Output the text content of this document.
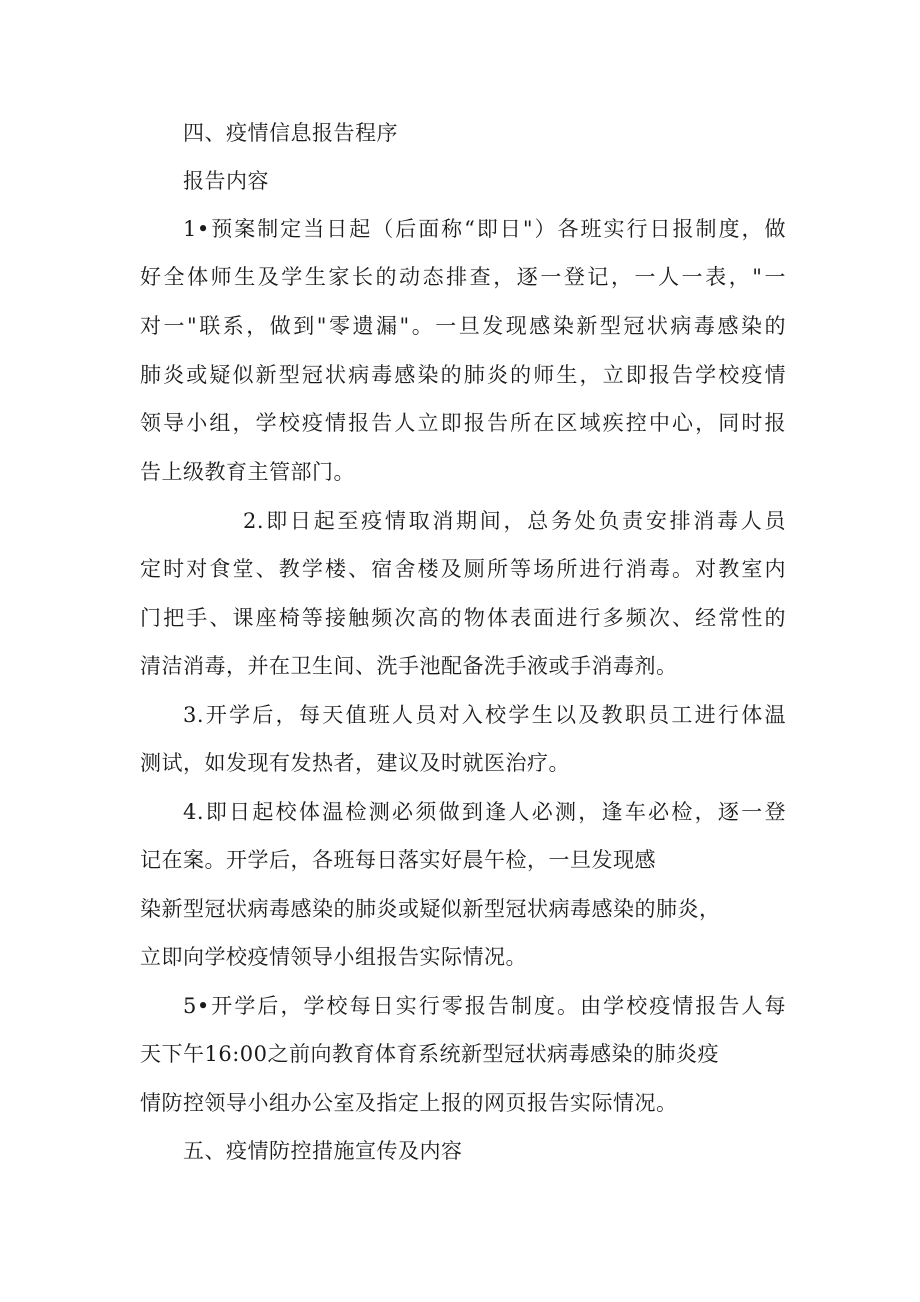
四、疫情信息报告程序
报告内容
1•预案制定当日起（后面称“即日"）各班实行日报制度，做
好全体师生及学生家长的动态排查，逐一登记，一人一表，"一
对一"联系，做到"零遗漏"。一旦发现感染新型冠状病毒感染的
肺炎或疑似新型冠状病毒感染的肺炎的师生，立即报告学校疫情
领导小组，学校疫情报告人立即报告所在区域疾控中心，同时报
告上级教育主管部门。
2.即日起至疫情取消期间，总务处负责安排消毒人员
定时对食堂、教学楼、宿舍楼及厕所等场所进行消毒。对教室内
门把手、课座椅等接触频次高的物体表面进行多频次、经常性的
清洁消毒，并在卫生间、洗手池配备洗手液或手消毒剂。
3.开学后，每天值班人员对入校学生以及教职员工进行体温
测试，如发现有发热者，建议及时就医治疗。
4.即日起校体温检测必须做到逢人必测，逢车必检，逐一登
记在案。开学后，各班每日落实好晨午检，一旦发现感
染新型冠状病毒感染的肺炎或疑似新型冠状病毒感染的肺炎，
立即向学校疫情领导小组报告实际情况。
5•开学后，学校每日实行零报告制度。由学校疫情报告人每
天下午16:00之前向教育体育系统新型冠状病毒感染的肺炎疫
情防控领导小组办公室及指定上报的网页报告实际情况。
五、疫情防控措施宣传及内容
